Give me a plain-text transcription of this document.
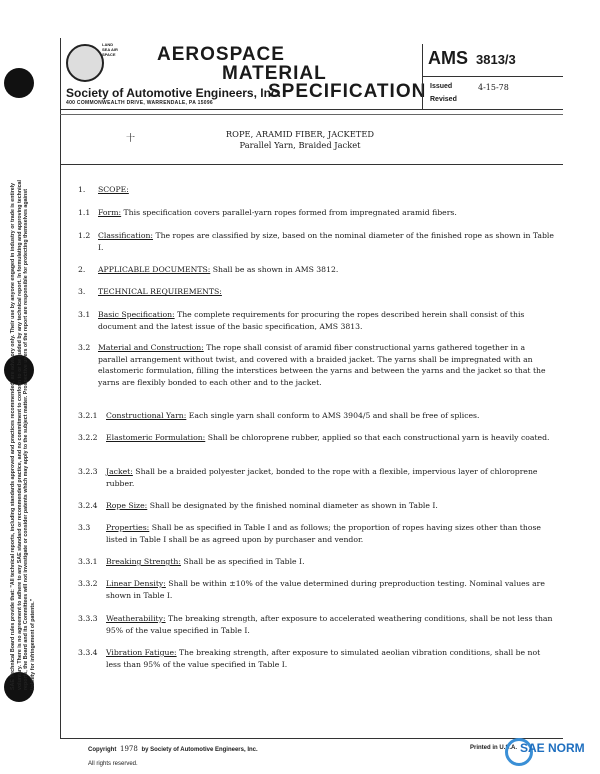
SAE Technical Board rules provide that: "All technical reports, including standards approved and practices recommended, are advisory only. Their use by anyone engaged in industry or trade is entirely voluntary. There is no agreement to adhere to any SAE standard or recommended practice, and no commitment to conform to or be guided by any technical report. In formulating and approving technical reports, the Board and its Committees will not investigate or consider patents which may apply to the subject matter. Prospective users of the report are responsible for protecting themselves against liability for infringement of patents."
LAND SEA AIR SPACE	AEROSPACE
MATERIAL
SPECIFICATION
Society of Automotive Engineers, Inc.
400 COMMONWEALTH DRIVE, WARRENDALE, PA 15096
AMS 3813/3
Issued	4-15-78
Revised
十	ROPE, ARAMID FIBER, JACKETED
Parallel Yarn, Braided Jacket
1. SCOPE:
1.1 Form: This specification covers parallel-yarn ropes formed from impregnated aramid fibers.
1.2 Classification: The ropes are classified by size, based on the nominal diameter of the finished rope as shown in Table I.
2. APPLICABLE DOCUMENTS: Shall be as shown in AMS 3812.
3. TECHNICAL REQUIREMENTS:
3.1 Basic Specification: The complete requirements for procuring the ropes described herein shall consist of this document and the latest issue of the basic specification, AMS 3813.
3.2 Material and Construction: The rope shall consist of aramid fiber constructional yarns gathered together in a parallel arrangement without twist, and covered with a braided jacket. The yarns shall be impregnated with an elastomeric formulation, filling the interstices between the yarns and between the yarns and the jacket so that the yarns are flexibly bonded to each other and to the jacket.
3.2.1 Constructional Yarn: Each single yarn shall conform to AMS 3904/5 and shall be free of splices.
3.2.2 Elastomeric Formulation: Shall be chloroprene rubber, applied so that each constructional yarn is heavily coated.
3.2.3 Jacket: Shall be a braided polyester jacket, bonded to the rope with a flexible, impervious layer of chloroprene rubber.
3.2.4 Rope Size: Shall be designated by the finished nominal diameter as shown in Table I.
3.3 Properties: Shall be as specified in Table I and as follows; the proportion of ropes having sizes other than those listed in Table I shall be as agreed upon by purchaser and vendor.
3.3.1 Breaking Strength: Shall be as specified in Table I.
3.3.2 Linear Density: Shall be within ±10% of the value determined during preproduction testing. Nominal values are shown in Table I.
3.3.3 Weatherability: The breaking strength, after exposure to accelerated weathering conditions, shall be not less than 95% of the value specified in Table I.
3.3.4 Vibration Fatigue: The breaking strength, after exposure to simulated aeolian vibration conditions, shall be not less than 95% of the value specified in Table I.
Copyright 1978 by Society of Automotive Engineers, Inc.
All rights reserved.
Printed in U.S.A. SAE NORM
